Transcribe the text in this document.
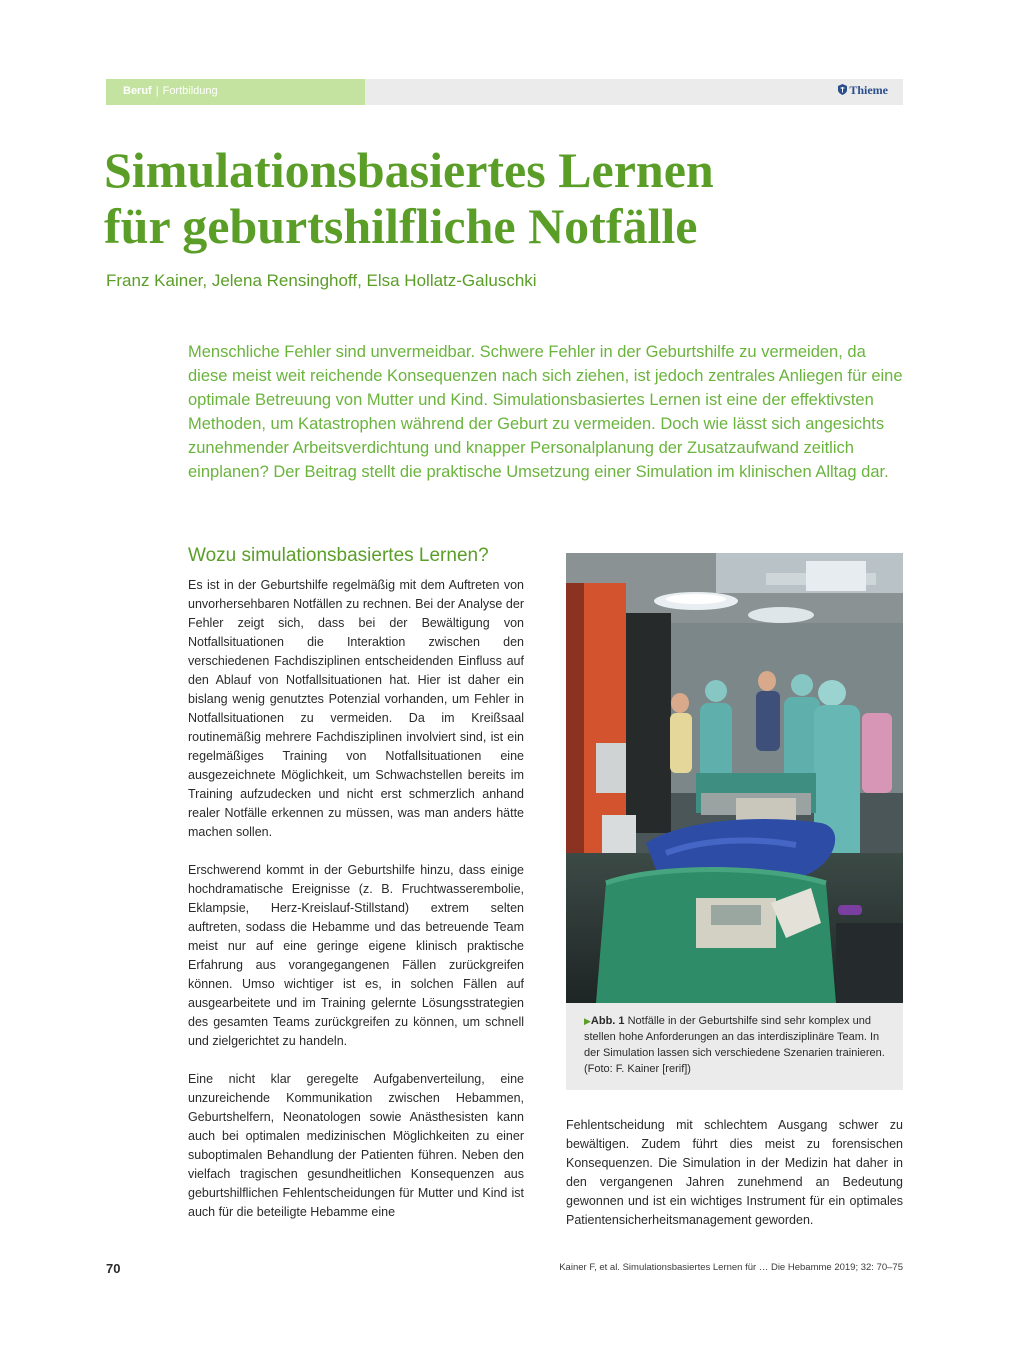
Beruf | Fortbildung	Thieme
Simulationsbasiertes Lernen
für geburtshilfliche Notfälle
Franz Kainer, Jelena Rensinghoff, Elsa Hollatz-Galuschki

Menschliche Fehler sind unvermeidbar. Schwere Fehler in der Geburtshilfe zu vermeiden, da diese meist weit reichende Konsequenzen nach sich ziehen, ist jedoch zentrales Anliegen für eine optimale Betreuung von Mutter und Kind. Simulationsbasiertes Lernen ist eine der effektivsten Methoden, um Katastrophen während der Geburt zu vermeiden. Doch wie lässt sich angesichts zunehmender Arbeitsverdichtung und knapper Personalplanung der Zusatzaufwand zeitlich einplanen? Der Beitrag stellt die praktische Umsetzung einer Simulation im klinischen Alltag dar.

Wozu simulationsbasiertes Lernen?

Es ist in der Geburtshilfe regelmäßig mit dem Auftreten von unvorhersehbaren Notfällen zu rechnen. Bei der Analyse der Fehler zeigt sich, dass bei der Bewältigung von Notfallsituationen die Interaktion zwischen den verschiedenen Fachdisziplinen entscheidenden Einfluss auf den Ablauf von Notfallsituationen hat. Hier ist daher ein bislang wenig genutztes Potenzial vorhanden, um Fehler in Notfallsituationen zu vermeiden. Da im Kreißsaal routinemäßig mehrere Fachdisziplinen involviert sind, ist ein regelmäßiges Training von Notfallsituationen eine ausgezeichnete Möglichkeit, um Schwachstellen bereits im Training aufzudecken und nicht erst schmerzlich anhand realer Notfälle erkennen zu müssen, was man anders hätte machen sollen.

Erschwerend kommt in der Geburtshilfe hinzu, dass einige hochdramatische Ereignisse (z. B. Fruchtwasserembolie, Eklampsie, Herz-Kreislauf-Stillstand) extrem selten auftreten, sodass die Hebamme und das betreuende Team meist nur auf eine geringe eigene klinisch praktische Erfahrung aus vorangegangenen Fällen zurückgreifen können. Umso wichtiger ist es, in solchen Fällen auf ausgearbeitete und im Training gelernte Lösungsstrategien des gesamten Teams zurückgreifen zu können, um schnell und zielgerichtet zu handeln.

Eine nicht klar geregelte Aufgabenverteilung, eine unzureichende Kommunikation zwischen Hebammen, Geburtshelfern, Neonatologen sowie Anästhesisten kann auch bei optimalen medizinischen Möglichkeiten zu einer suboptimalen Behandlung der Patienten führen. Neben den vielfach tragischen gesundheitlichen Konsequenzen aus geburtshilflichen Fehlentscheidungen für Mutter und Kind ist auch für die beteiligte Hebamme eine

▶Abb. 1 Notfälle in der Geburtshilfe sind sehr komplex und stellen hohe Anforderungen an das interdisziplinäre Team. In der Simulation lassen sich verschiedene Szenarien trainieren. (Foto: F. Kainer [rerif])

Fehlentscheidung mit schlechtem Ausgang schwer zu bewältigen. Zudem führt dies meist zu forensischen Konsequenzen. Die Simulation in der Medizin hat daher in den vergangenen Jahren zunehmend an Bedeutung gewonnen und ist ein wichtiges Instrument für ein optimales Patientensicherheitsmanagement geworden.

70	Kainer F, et al. Simulationsbasiertes Lernen für … Die Hebamme 2019; 32: 70–75
